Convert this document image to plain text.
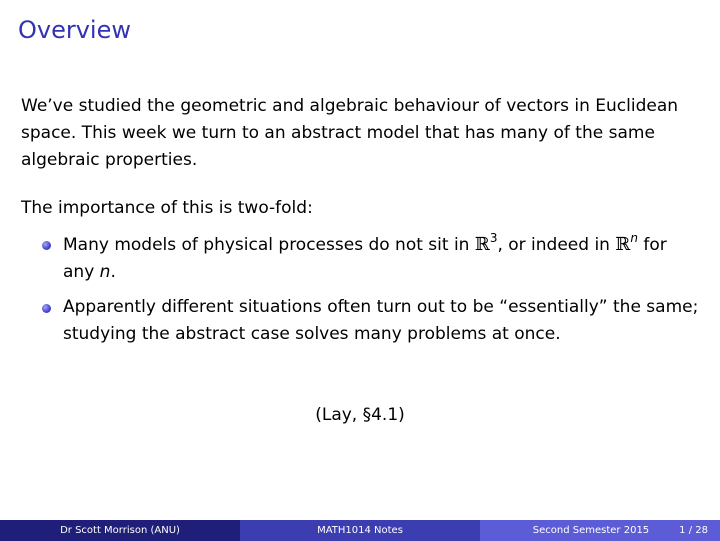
Overview
We’ve studied the geometric and algebraic behaviour of vectors in Euclidean space. This week we turn to an abstract model that has many of the same algebraic properties.
The importance of this is two-fold:
Many models of physical processes do not sit in ℝ$^3$, or indeed in ℝ$^n$ for any n.
Apparently different situations often turn out to be “essentially” the same; studying the abstract case solves many problems at once.
(Lay, §4.1)
Dr Scott Morrison (ANU)	MATH1014 Notes	Second Semester 2015	1 / 28
